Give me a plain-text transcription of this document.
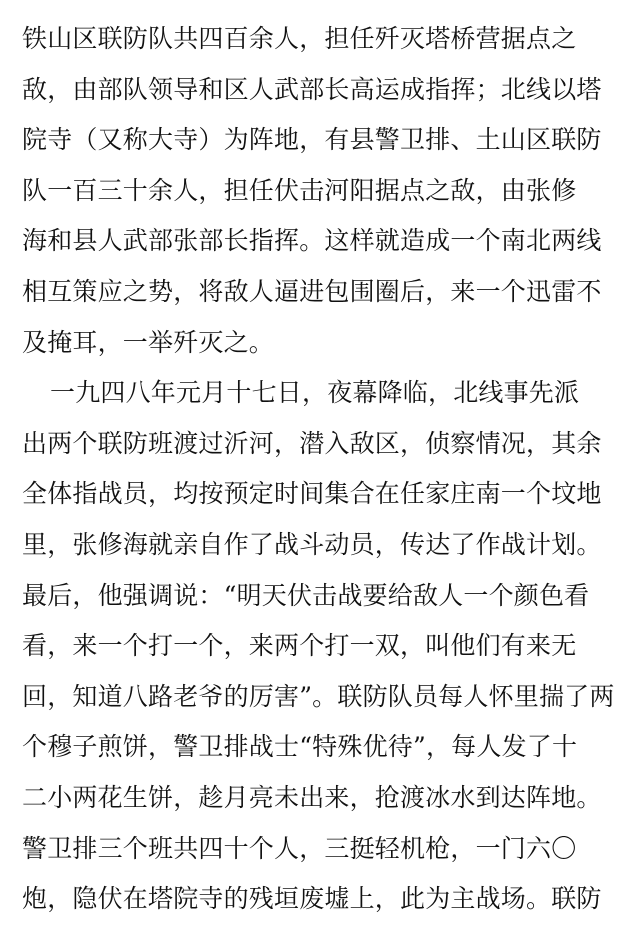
铁山区联防队共四百余人，担任歼灭塔桥营据点之
敌，由部队领导和区人武部长高运成指挥；北线以塔
院寺（又称大寺）为阵地，有县警卫排、土山区联防
队一百三十余人，担任伏击河阳据点之敌，由张修
海和县人武部张部长指挥。这样就造成一个南北两线
相互策应之势，将敌人逼进包围圈后，来一个迅雷不
及掩耳，一举歼灭之。
一九四八年元月十七日，夜幕降临，北线事先派
出两个联防班渡过沂河，潜入敌区，侦察情况，其余
全体指战员，均按预定时间集合在任家庄南一个坟地
里，张修海就亲自作了战斗动员，传达了作战计划。
最后，他强调说：“明天伏击战要给敌人一个颜色看
看，来一个打一个，来两个打一双，叫他们有来无
回，知道八路老爷的厉害”。联防队员每人怀里揣了两
个穆子煎饼，警卫排战士“特殊优待”，每人发了十
二小两花生饼，趁月亮未出来，抢渡冰水到达阵地。
警卫排三个班共四十个人，三挺轻机枪，一门六〇
炮，隐伏在塔院寺的残垣废墟上，此为主战场。联防
